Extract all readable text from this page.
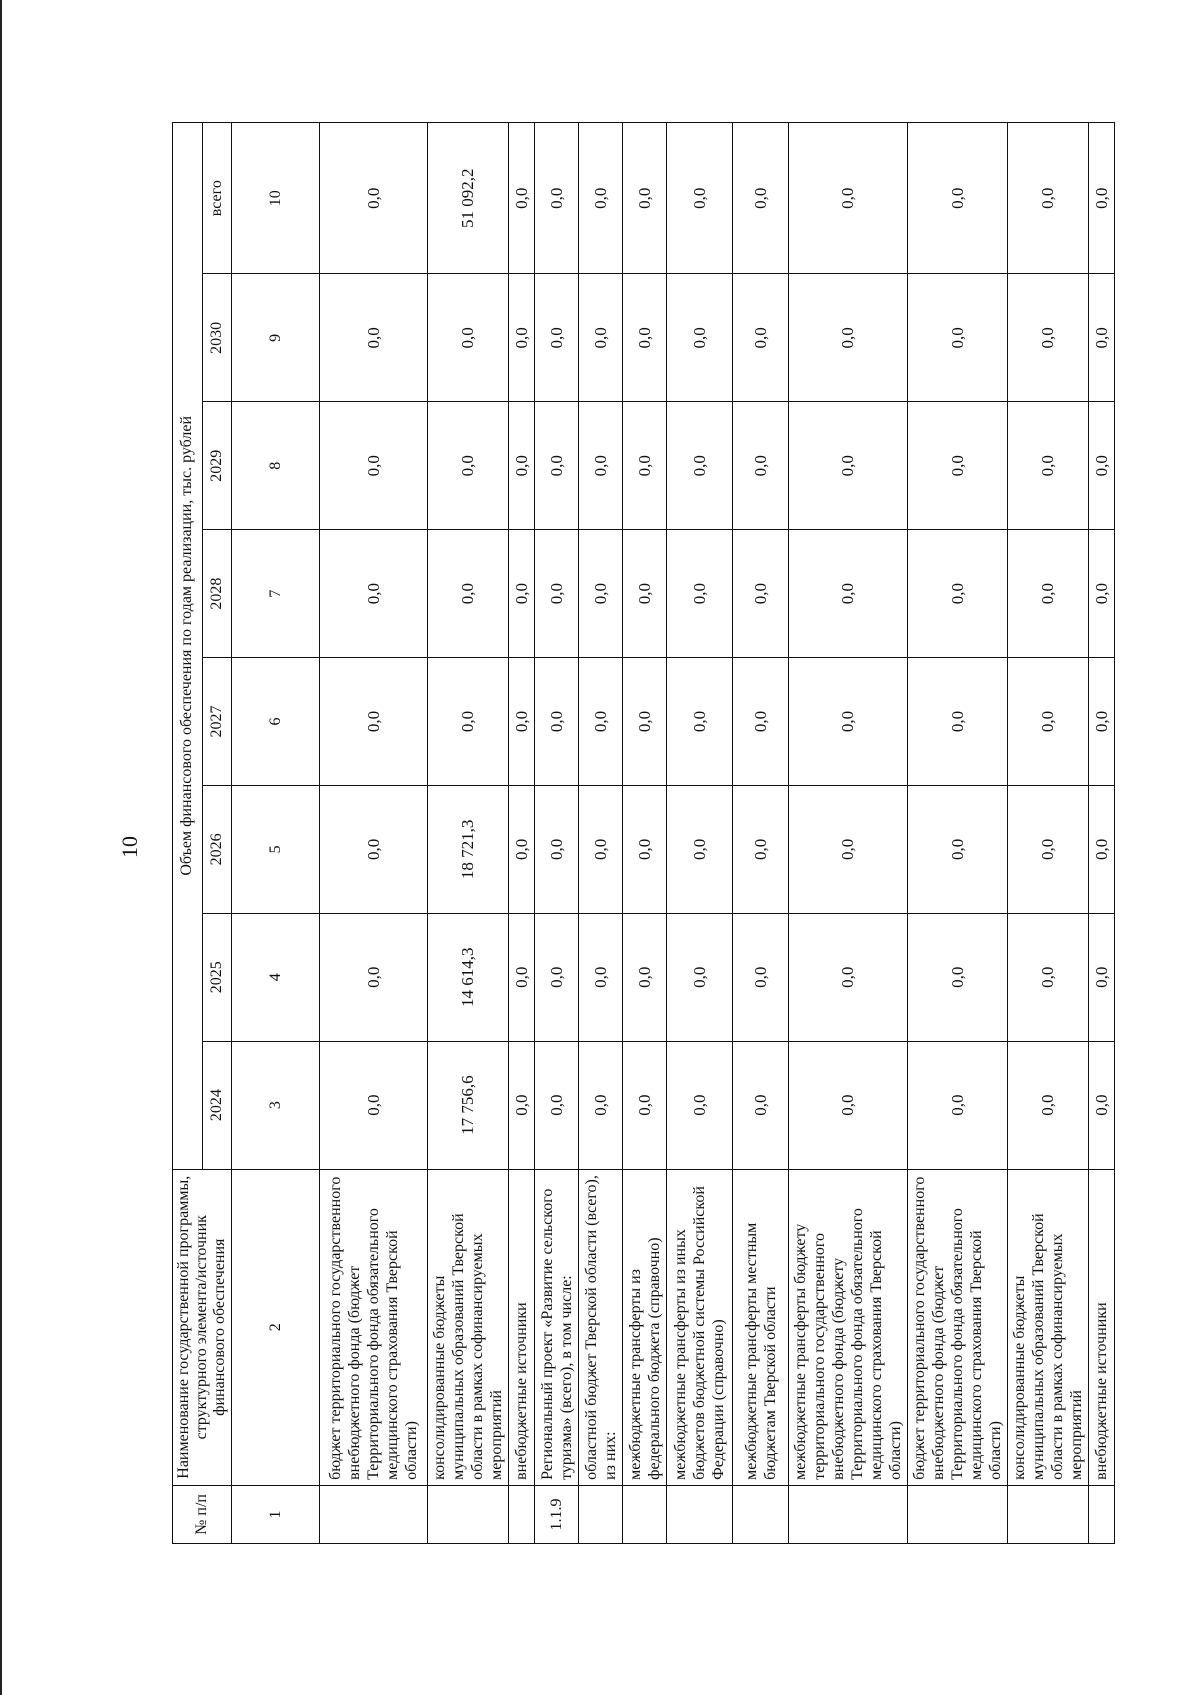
10
№ п/п	Наименование государственной программы, структурного элемента/источник финансового обеспечения	Объем финансового обеспечения по годам реализации, тыс. рублей							
		2024	2025	2026	2027	2028	2029	2030	всего
1	2	3	4	5	6	7	8	9	10
	бюджет территориального государственного внебюджетного фонда (бюджет Территориального фонда обязательного медицинского страхования Тверской области)	0,0	0,0	0,0	0,0	0,0	0,0	0,0	0,0
	консолидированные бюджеты муниципальных образований Тверской области в рамках софинансируемых мероприятий	17 756,6	14 614,3	18 721,3	0,0	0,0	0,0	0,0	51 092,2
	внебюджетные источники	0,0	0,0	0,0	0,0	0,0	0,0	0,0	0,0
1.1.9	Региональный проект «Развитие сельского туризма» (всего), в том числе:	0,0	0,0	0,0	0,0	0,0	0,0	0,0	0,0
	областной бюджет Тверской области (всего), из них:	0,0	0,0	0,0	0,0	0,0	0,0	0,0	0,0
	межбюджетные трансферты из федерального бюджета (справочно)	0,0	0,0	0,0	0,0	0,0	0,0	0,0	0,0
	межбюджетные трансферты из иных бюджетов бюджетной системы Российской Федерации (справочно)	0,0	0,0	0,0	0,0	0,0	0,0	0,0	0,0
	межбюджетные трансферты местным бюджетам Тверской области	0,0	0,0	0,0	0,0	0,0	0,0	0,0	0,0
	межбюджетные трансферты бюджету территориального государственного внебюджетного фонда (бюджету Территориального фонда обязательного медицинского страхования Тверской области)	0,0	0,0	0,0	0,0	0,0	0,0	0,0	0,0
	бюджет территориального государственного внебюджетного фонда (бюджет Территориального фонда обязательного медицинского страхования Тверской области)	0,0	0,0	0,0	0,0	0,0	0,0	0,0	0,0
	консолидированные бюджеты муниципальных образований Тверской области в рамках софинансируемых мероприятий	0,0	0,0	0,0	0,0	0,0	0,0	0,0	0,0
	внебюджетные источники	0,0	0,0	0,0	0,0	0,0	0,0	0,0	0,0
